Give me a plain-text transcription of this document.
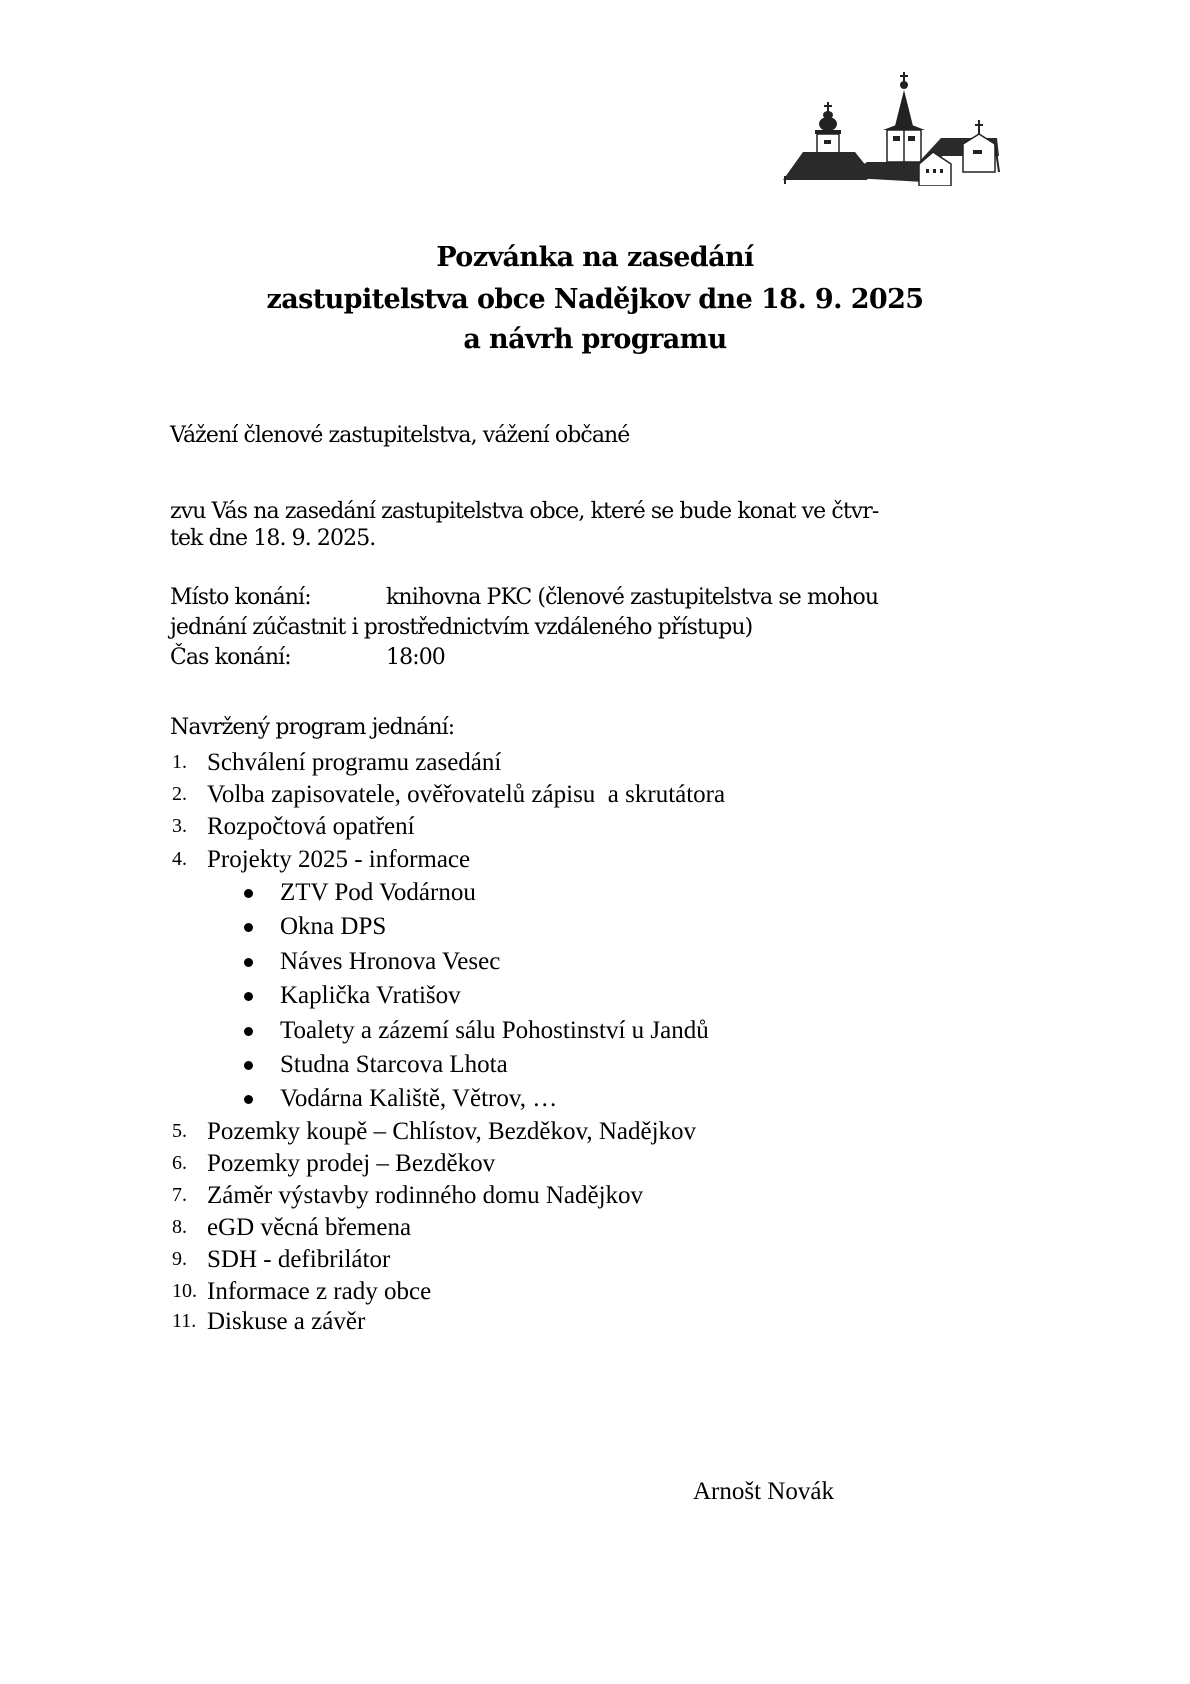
Pozvánka na zasedání
zastupitelstva obce Nadějkov dne 18. 9. 2025
a návrh programu
Vážení členové zastupitelstva, vážení občané
zvu Vás na zasedání zastupitelstva obce, které se bude konat ve čtvr-
tek dne 18. 9. 2025.
Místo konání:	knihovna PKC (členové zastupitelstva se mohou
jednání zúčastnit i prostřednictvím vzdáleného přístupu)
Čas konání:	18:00
Navržený program jednání:
1. Schválení programu zasedání
2. Volba zapisovatele, ověřovatelů zápisu  a skrutátora
3. Rozpočtová opatření
4. Projekty 2025 - informace
ZTV Pod Vodárnou
Okna DPS
Náves Hronova Vesec
Kaplička Vratišov
Toalety a zázemí sálu Pohostinství u Jandů
Studna Starcova Lhota
Vodárna Kaliště, Větrov, …
5. Pozemky koupě – Chlístov, Bezděkov, Nadějkov
6. Pozemky prodej – Bezděkov
7. Záměr výstavby rodinného domu Nadějkov
8. eGD věcná břemena
9. SDH - defibrilátor
10. Informace z rady obce
11. Diskuse a závěr
Arnošt Novák
